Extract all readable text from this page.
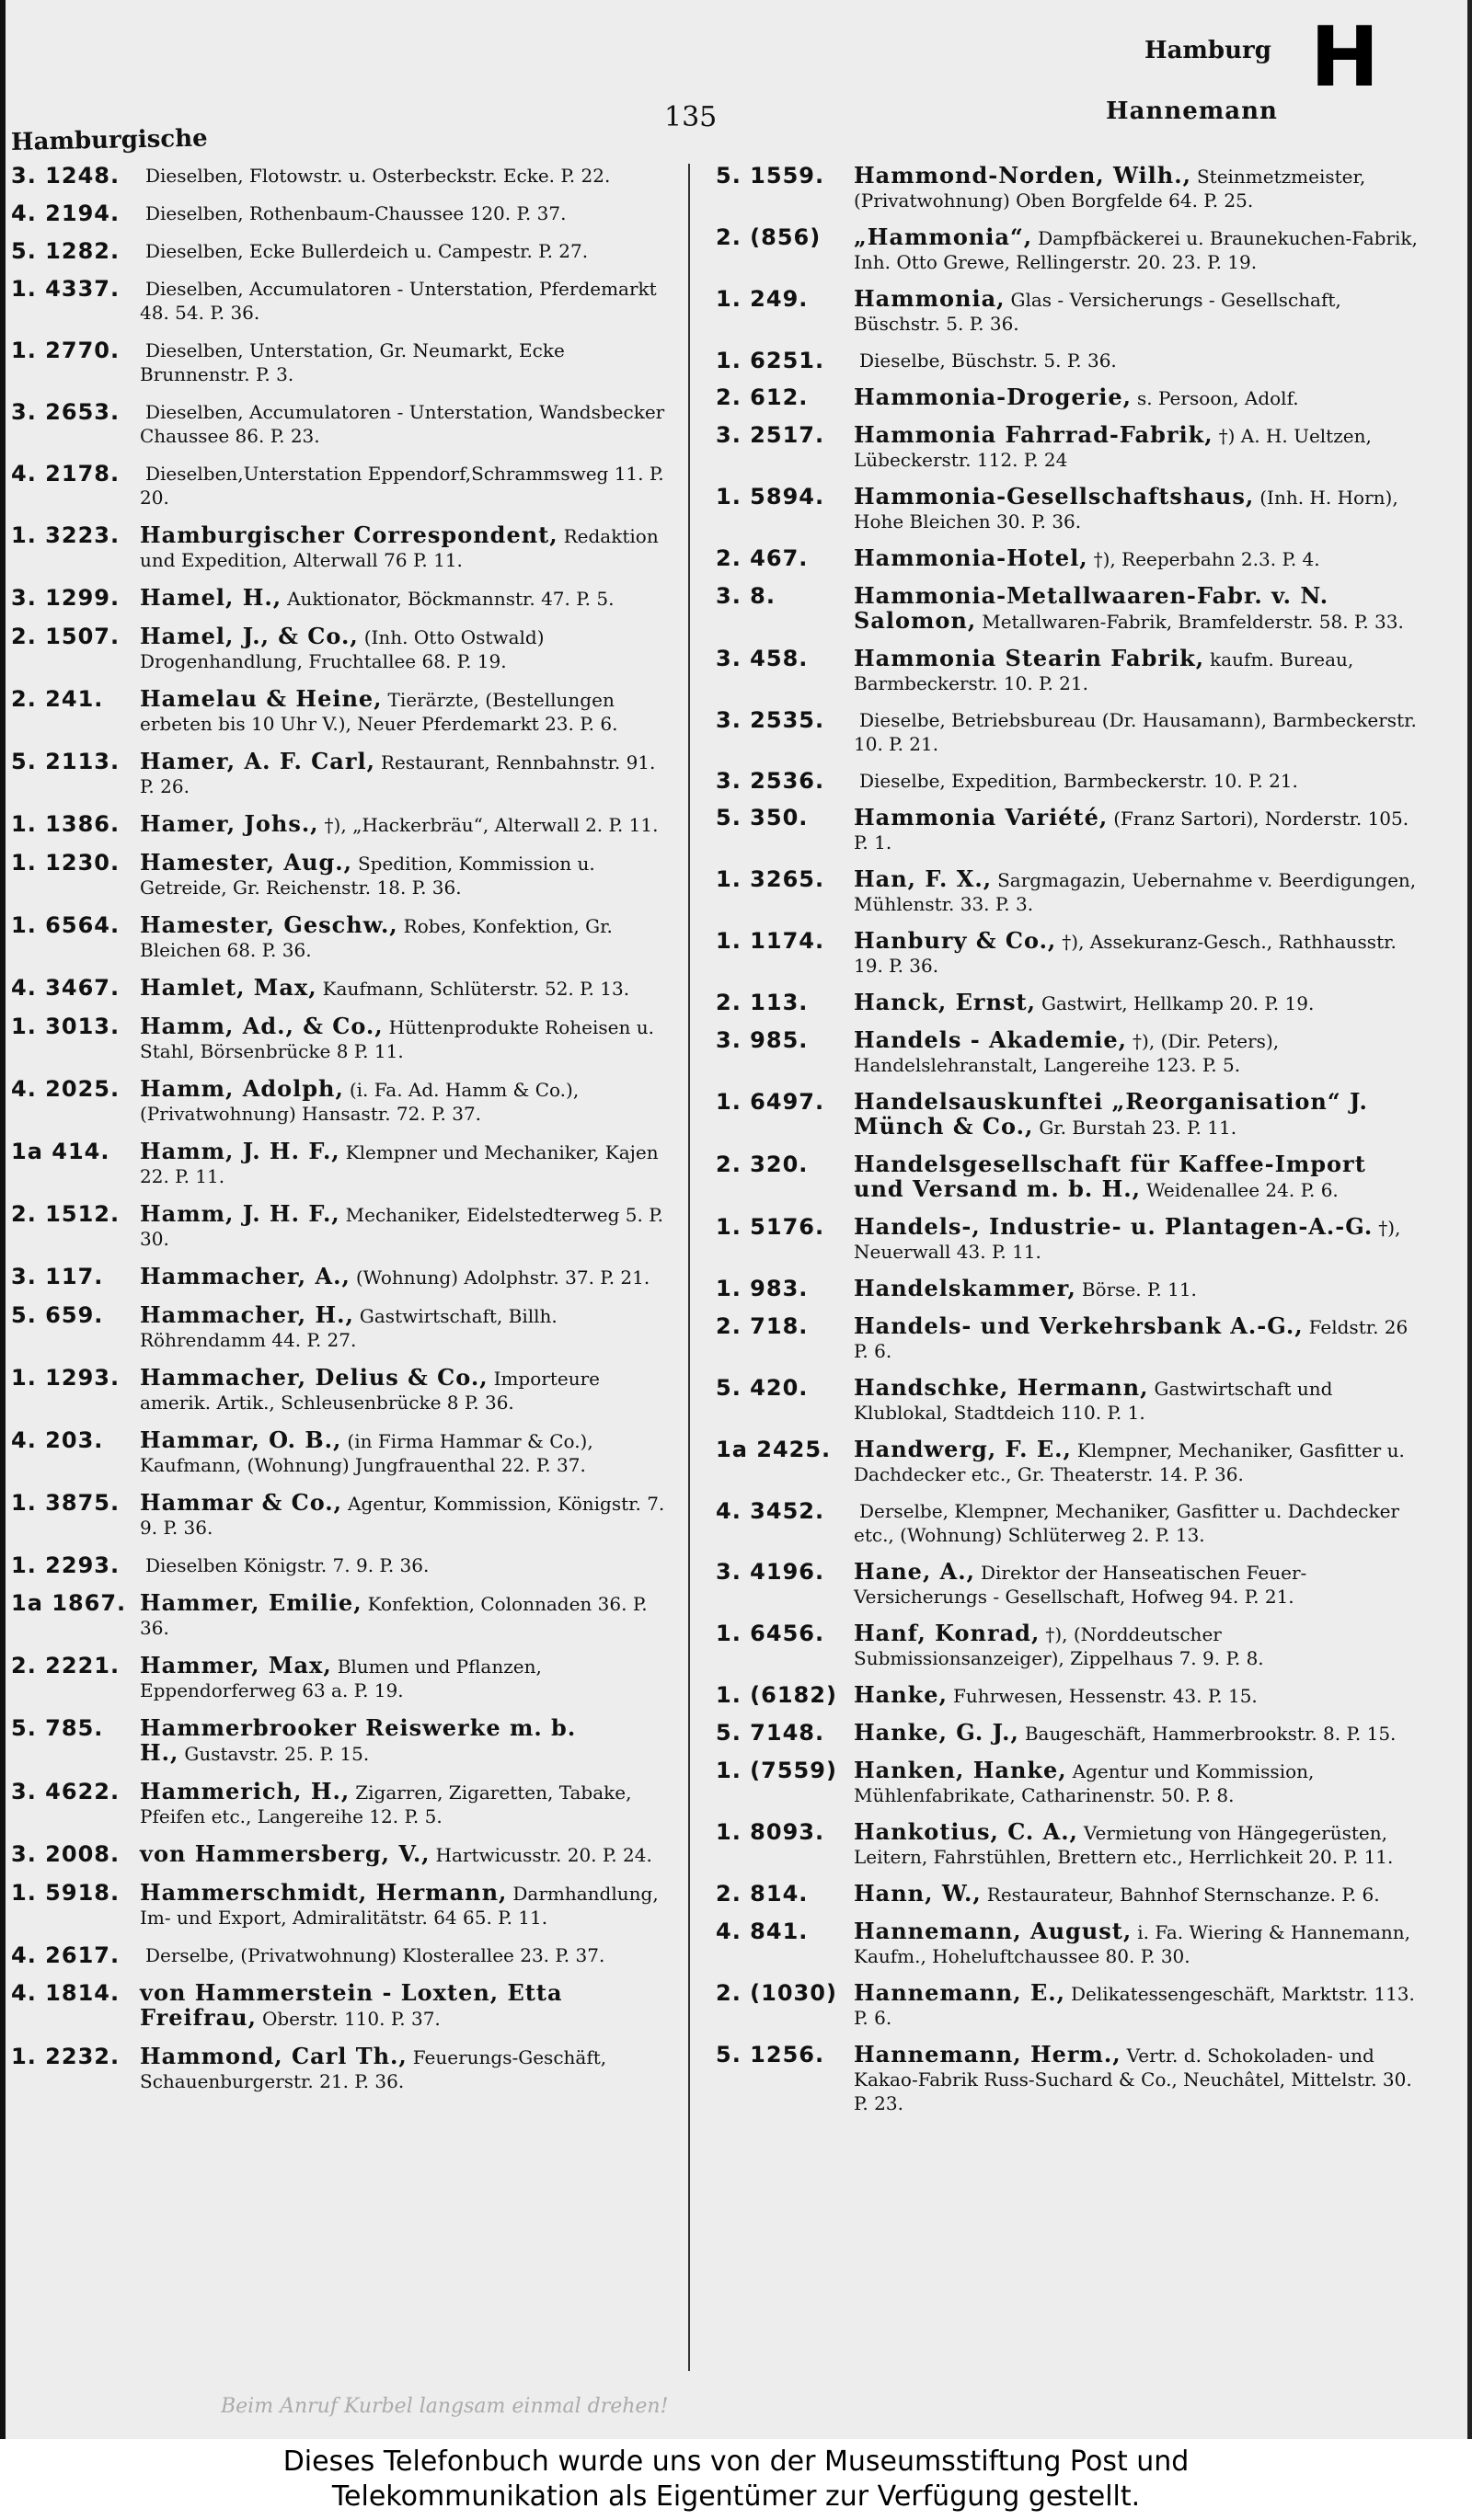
Hamburgische
135
Hamburg
Hannemann
H
3. 1248. Dieselben, Flotowstr. u. Osterbeckstr. Ecke. P. 22.
4. 2194. Dieselben, Rothenbaum-Chaussee 120. P. 37.
5. 1282. Dieselben, Ecke Bullerdeich u. Campestr. P. 27.
1. 4337. Dieselben, Accumulatoren - Unterstation, Pferdemarkt 48. 54. P. 36.
1. 2770. Dieselben, Unterstation, Gr. Neumarkt, Ecke Brunnenstr. P. 3.
3. 2653. Dieselben, Accumulatoren - Unterstation, Wandsbecker Chaussee 86. P. 23.
4. 2178. Dieselben,Unterstation Eppendorf,Schrammsweg 11. P. 20.
1. 3223. Hamburgischer Correspondent, Redaktion und Expedition, Alterwall 76 P. 11.
3. 1299. Hamel, H., Auktionator, Böckmannstr. 47. P. 5.
2. 1507. Hamel, J., & Co., (Inh. Otto Ostwald) Drogenhandlung, Fruchtallee 68. P. 19.
2. 241. Hamelau & Heine, Tierärzte, (Bestellungen erbeten bis 10 Uhr V.), Neuer Pferdemarkt 23. P. 6.
5. 2113. Hamer, A. F. Carl, Restaurant, Rennbahnstr. 91. P. 26.
1. 1386. Hamer, Johs., †), „Hackerbräu“, Alterwall 2. P. 11.
1. 1230. Hamester, Aug., Spedition, Kommission u. Getreide, Gr. Reichenstr. 18. P. 36.
1. 6564. Hamester, Geschw., Robes, Konfektion, Gr. Bleichen 68. P. 36.
4. 3467. Hamlet, Max, Kaufmann, Schlüterstr. 52. P. 13.
1. 3013. Hamm, Ad., & Co., Hüttenprodukte Roheisen u. Stahl, Börsenbrücke 8 P. 11.
4. 2025. Hamm, Adolph, (i. Fa. Ad. Hamm & Co.), (Privatwohnung) Hansastr. 72. P. 37.
1a 414. Hamm, J. H. F., Klempner und Mechaniker, Kajen 22. P. 11.
2. 1512. Hamm, J. H. F., Mechaniker, Eidelstedterweg 5. P. 30.
3. 117. Hammacher, A., (Wohnung) Adolphstr. 37. P. 21.
5. 659. Hammacher, H., Gastwirtschaft, Billh. Röhrendamm 44. P. 27.
1. 1293. Hammacher, Delius & Co., Importeure amerik. Artik., Schleusenbrücke 8 P. 36.
4. 203. Hammar, O. B., (in Firma Hammar & Co.), Kaufmann, (Wohnung) Jungfrauenthal 22. P. 37.
1. 3875. Hammar & Co., Agentur, Kommission, Königstr. 7. 9. P. 36.
1. 2293. Dieselben Königstr. 7. 9. P. 36.
1a 1867. Hammer, Emilie, Konfektion, Colonnaden 36. P. 36.
2. 2221. Hammer, Max, Blumen und Pflanzen, Eppendorferweg 63 a. P. 19.
5. 785. Hammerbrooker Reiswerke m. b. H., Gustavstr. 25. P. 15.
3. 4622. Hammerich, H., Zigarren, Zigaretten, Tabake, Pfeifen etc., Langereihe 12. P. 5.
3. 2008. von Hammersberg, V., Hartwicusstr. 20. P. 24.
1. 5918. Hammerschmidt, Hermann, Darmhandlung, Im- und Export, Admiralitätstr. 64 65. P. 11.
4. 2617. Derselbe, (Privatwohnung) Klosterallee 23. P. 37.
4. 1814. von Hammerstein - Loxten, Etta Freifrau, Oberstr. 110. P. 37.
1. 2232. Hammond, Carl Th., Feuerungs-Geschäft, Schauenburgerstr. 21. P. 36.
5. 1559. Hammond-Norden, Wilh., Steinmetzmeister, (Privatwohnung) Oben Borgfelde 64. P. 25.
2. (856) „Hammonia“, Dampfbäckerei u. Braunekuchen-Fabrik, Inh. Otto Grewe, Rellingerstr. 20. 23. P. 19.
1. 249. Hammonia, Glas - Versicherungs - Gesellschaft, Büschstr. 5. P. 36.
1. 6251. Dieselbe, Büschstr. 5. P. 36.
2. 612. Hammonia-Drogerie, s. Persoon, Adolf.
3. 2517. Hammonia Fahrrad-Fabrik, †) A. H. Ueltzen, Lübeckerstr. 112. P. 24
1. 5894. Hammonia-Gesellschaftshaus, (Inh. H. Horn), Hohe Bleichen 30. P. 36.
2. 467. Hammonia-Hotel, †), Reeperbahn 2.3. P. 4.
3. 8.	Hammonia-Metallwaaren-Fabr. v. N. Salomon, Metallwaren-Fabrik, Bramfelderstr. 58. P. 33.
3. 458. Hammonia Stearin Fabrik, kaufm. Bureau, Barmbeckerstr. 10. P. 21.
3. 2535. Dieselbe, Betriebsbureau (Dr. Hausamann), Barmbeckerstr. 10. P. 21.
3. 2536. Dieselbe, Expedition, Barmbeckerstr. 10. P. 21.
5. 350. Hammonia Variété, (Franz Sartori), Norderstr. 105. P. 1.
1. 3265. Han, F. X., Sargmagazin, Uebernahme v. Beerdigungen, Mühlenstr. 33. P. 3.
1. 1174. Hanbury & Co., †), Assekuranz-Gesch., Rathhausstr. 19. P. 36.
2. 113. Hanck, Ernst, Gastwirt, Hellkamp 20. P. 19.
3. 985. Handels - Akademie, †), (Dir. Peters), Handelslehranstalt, Langereihe 123. P. 5.
1. 6497. Handelsauskunftei „Reorganisation“ J. Münch & Co., Gr. Burstah 23. P. 11.
2. 320. Handelsgesellschaft für Kaffee-Import und Versand m. b. H., Weidenallee 24. P. 6.
1. 5176. Handels-, Industrie- u. Plantagen-A.-G. †), Neuerwall 43. P. 11.
1. 983. Handelskammer, Börse. P. 11.
2. 718. Handels- und Verkehrsbank A.-G., Feldstr. 26 P. 6.
5. 420. Handschke, Hermann, Gastwirtschaft und Klublokal, Stadtdeich 110. P. 1.
1a 2425. Handwerg, F. E., Klempner, Mechaniker, Gasfitter u. Dachdecker etc., Gr. Theaterstr. 14. P. 36.
4. 3452. Derselbe, Klempner, Mechaniker, Gasfitter u. Dachdecker etc., (Wohnung) Schlüterweg 2. P. 13.
3. 4196. Hane, A., Direktor der Hanseatischen Feuer-Versicherungs - Gesellschaft, Hofweg 94. P. 21.
1. 6456. Hanf, Konrad, †), (Norddeutscher Submissionsanzeiger), Zippelhaus 7. 9. P. 8.
1. (6182) Hanke, Fuhrwesen, Hessenstr. 43. P. 15.
5. 7148. Hanke, G. J., Baugeschäft, Hammerbrookstr. 8. P. 15.
1. (7559) Hanken, Hanke, Agentur und Kommission, Mühlenfabrikate, Catharinenstr. 50. P. 8.
1. 8093. Hankotius, C. A., Vermietung von Hängegerüsten, Leitern, Fahrstühlen, Brettern etc., Herrlichkeit 20. P. 11.
2. 814. Hann, W., Restaurateur, Bahnhof Sternschanze. P. 6.
4. 841. Hannemann, August, i. Fa. Wiering & Hannemann, Kaufm., Hoheluftchaussee 80. P. 30.
2. (1030) Hannemann, E., Delikatessengeschäft, Marktstr. 113. P. 6.
5. 1256. Hannemann, Herm., Vertr. d. Schokoladen- und Kakao-Fabrik Russ-Suchard & Co., Neuchâtel, Mittelstr. 30. P. 23.
Beim Anruf Kurbel langsam einmal drehen!
Dieses Telefonbuch wurde uns von der Museumsstiftung Post und
Telekommunikation als Eigentümer zur Verfügung gestellt.
